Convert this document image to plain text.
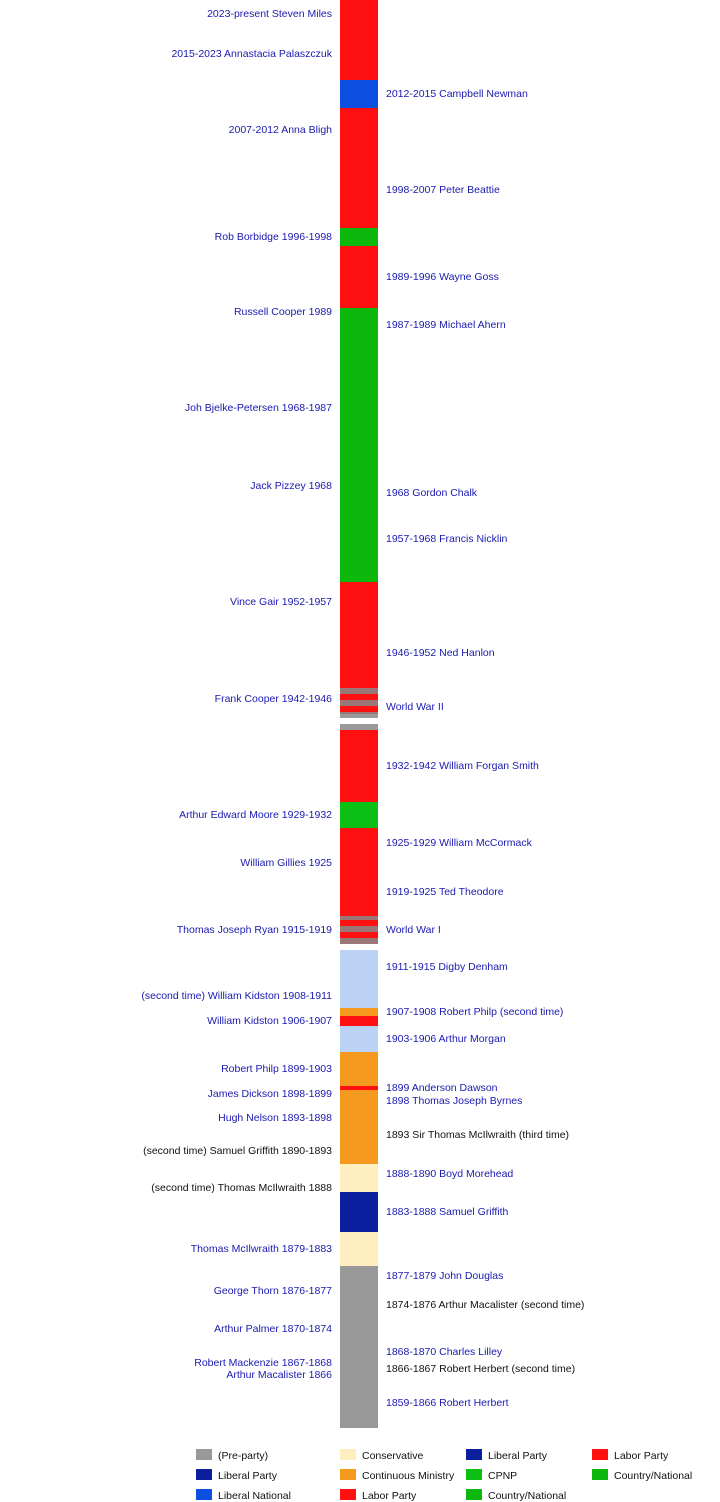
2023-present Steven Miles
2015-2023 Annastacia Palaszczuk
2012-2015 Campbell Newman
2007-2012 Anna Bligh
1998-2007 Peter Beattie
Rob Borbidge 1996-1998
1989-1996 Wayne Goss
Russell Cooper 1989
1987-1989 Michael Ahern
Joh Bjelke-Petersen 1968-1987
Jack Pizzey 1968
1968 Gordon Chalk
1957-1968 Francis Nicklin
Vince Gair 1952-1957
1946-1952 Ned Hanlon
Frank Cooper 1942-1946
World War II
1932-1942 William Forgan Smith
Arthur Edward Moore 1929-1932
1925-1929 William McCormack
William Gillies 1925
1919-1925 Ted Theodore
Thomas Joseph Ryan 1915-1919	World War I
1911-1915 Digby Denham
(second time) William Kidston 1908-1911
1907-1908 Robert Philp (second time)
William Kidston 1906-1907
1903-1906 Arthur Morgan
Robert Philp 1899-1903
1899 Anderson Dawson
James Dickson 1898-1899
1898 Thomas Joseph Byrnes
Hugh Nelson 1893-1898
1893 Sir Thomas McIlwraith (third time)
(second time) Samuel Griffith 1890-1893
1888-1890 Boyd Morehead
(second time) Thomas McIlwraith 1888
1883-1888 Samuel Griffith
Thomas McIlwraith 1879-1883
1877-1879 John Douglas
George Thorn 1876-1877
1874-1876 Arthur Macalister (second time)
Arthur Palmer 1870-1874
1868-1870 Charles Lilley
Robert Mackenzie 1867-1868	1866-1867 Robert Herbert (second time)
Arthur Macalister 1866
1859-1866 Robert Herbert
(Pre-party)
Liberal Party
Liberal National
Conservative
Continuous Ministry
Labor Party
Liberal Party
CPNP
Country/National
Labor Party
Country/National
